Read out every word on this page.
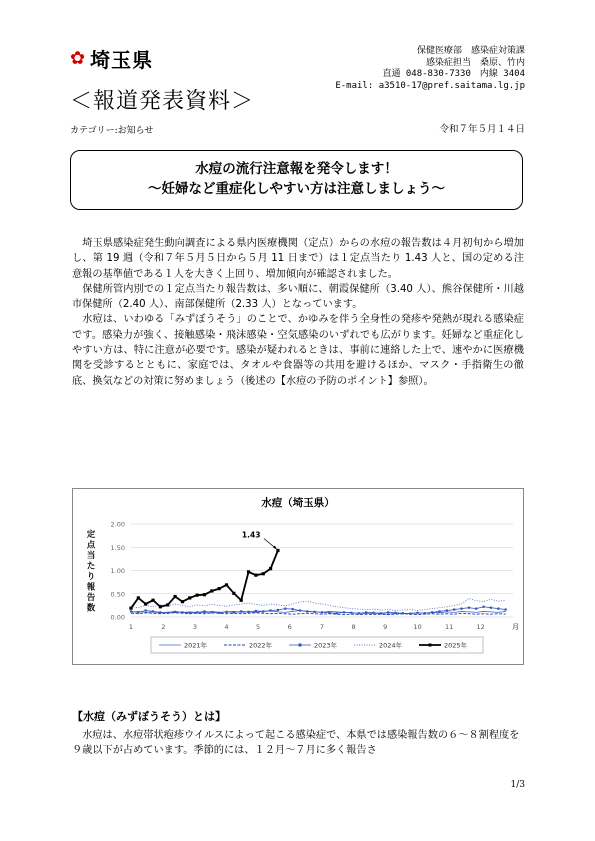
✿ 埼玉県	保健医療部　感染症対策課
感染症担当　桑原、竹内
直通 048-830-7330　内線 3404
E-mail: a3510-17@pref.saitama.lg.jp
＜報道発表資料＞
カテゴリー:お知らせ	令和７年５月１４日
水痘の流行注意報を発令します！
～妊婦など重症化しやすい方は注意しましょう～

埼玉県感染症発生動向調査による県内医療機関（定点）からの水痘の報告数は４月初旬から増加し、第 19 週（令和７年５月５日から５月 11 日まで）は１定点当たり 1.43 人と、国の定める注意報の基準値である１人を大きく上回り、増加傾向が確認されました。

保健所管内別での１定点当たり報告数は、多い順に、朝霞保健所（3.40 人）、熊谷保健所・川越市保健所（2.40 人）、南部保健所（2.33 人）となっています。

水痘は、いわゆる「みずぼうそう」のことで、かゆみを伴う全身性の発疹や発熱が現れる感染症です。感染力が強く、接触感染・飛沫感染・空気感染のいずれでも広がります。妊婦など重症化しやすい方は、特に注意が必要です。感染が疑われるときは、事前に連絡した上で、速やかに医療機関を受診するとともに、家庭では、タオルや食器等の共用を避けるほか、マスク・手指衛生の徹底、換気などの対策に努めましょう（後述の【水痘の予防のポイント】参照）。

水痘（埼玉県）
定
点
当
た
り
報
告
数
1	2	3	4	5	6	7	8	9	10	11	12
0.00
0.50
1.00
1.50
2.00
1.43
月
2021年	2022年	2023年	2024年	2025年
【水痘（みずぼうそう）とは】

水痘は、水痘帯状疱疹ウイルスによって起こる感染症で、本県では感染報告数の６～８割程度を９歳以下が占めています。季節的には、１２月～７月に多く報告さ

1/3
